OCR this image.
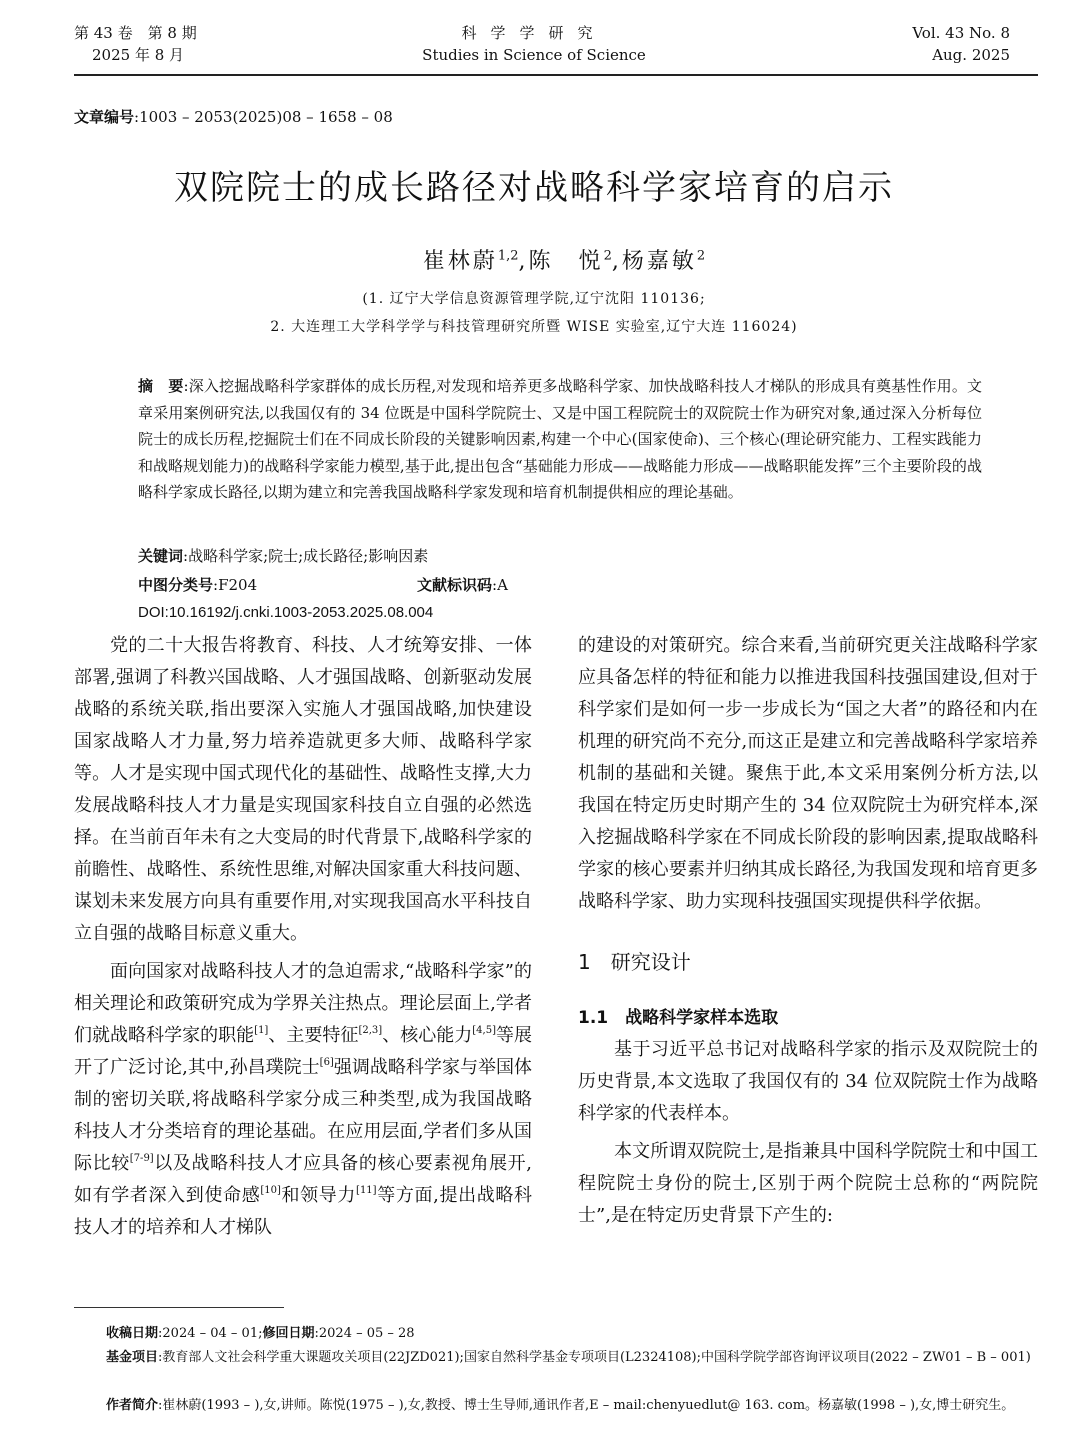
第 43 卷　第 8 期
2025 年 8 月
科学学研究
Studies in Science of Science
Vol. 43 No. 8
Aug. 2025
文章编号:1003 – 2053(2025)08 – 1658 – 08
双院院士的成长路径对战略科学家培育的启示
崔林蔚$^{1,2}$,陈　悦$^2$,杨嘉敏$^2$
(1. 辽宁大学信息资源管理学院,辽宁沈阳 110136;
2. 大连理工大学科学学与科技管理研究所暨 WISE 实验室,辽宁大连 116024)
摘　要:深入挖掘战略科学家群体的成长历程,对发现和培养更多战略科学家、加快战略科技人才梯队的形成具有奠基性作用。文章采用案例研究法,以我国仅有的 34 位既是中国科学院院士、又是中国工程院院士的双院院士作为研究对象,通过深入分析每位院士的成长历程,挖掘院士们在不同成长阶段的关键影响因素,构建一个中心(国家使命)、三个核心(理论研究能力、工程实践能力和战略规划能力)的战略科学家能力模型,基于此,提出包含“基础能力形成——战略能力形成——战略职能发挥”三个主要阶段的战略科学家成长路径,以期为建立和完善我国战略科学家发现和培育机制提供相应的理论基础。
关键词:战略科学家;院士;成长路径;影响因素
中图分类号:F204	文献标识码:A
DOI:10.16192/j.cnki.1003-2053.2025.08.004

党的二十大报告将教育、科技、人才统筹安排、一体部署,强调了科教兴国战略、人才强国战略、创新驱动发展战略的系统关联,指出要深入实施人才强国战略,加快建设国家战略人才力量,努力培养造就更多大师、战略科学家等。人才是实现中国式现代化的基础性、战略性支撑,大力发展战略科技人才力量是实现国家科技自立自强的必然选择。在当前百年未有之大变局的时代背景下,战略科学家的前瞻性、战略性、系统性思维,对解决国家重大科技问题、谋划未来发展方向具有重要作用,对实现我国高水平科技自立自强的战略目标意义重大。

面向国家对战略科技人才的急迫需求,“战略科学家”的相关理论和政策研究成为学界关注热点。理论层面上,学者们就战略科学家的职能[1]、主要特征[2,3]、核心能力[4,5]等展开了广泛讨论,其中,孙昌璞院士[6]强调战略科学家与举国体制的密切关联,将战略科学家分成三种类型,成为我国战略科技人才分类培育的理论基础。在应用层面,学者们多从国际比较[7-9]以及战略科技人才应具备的核心要素视角展开,如有学者深入到使命感[10]和领导力[11]等方面,提出战略科技人才的培养和人才梯队

的建设的对策研究。综合来看,当前研究更关注战略科学家应具备怎样的特征和能力以推进我国科技强国建设,但对于科学家们是如何一步一步成长为“国之大者”的路径和内在机理的研究尚不充分,而这正是建立和完善战略科学家培养机制的基础和关键。聚焦于此,本文采用案例分析方法,以我国在特定历史时期产生的 34 位双院院士为研究样本,深入挖掘战略科学家在不同成长阶段的影响因素,提取战略科学家的核心要素并归纳其成长路径,为我国发现和培育更多战略科学家、助力实现科技强国实现提供科学依据。

1　研究设计
1.1　战略科学家样本选取

基于习近平总书记对战略科学家的指示及双院院士的历史背景,本文选取了我国仅有的 34 位双院院士作为战略科学家的代表样本。

本文所谓双院院士,是指兼具中国科学院院士和中国工程院院士身份的院士,区别于两个院院士总称的“两院院士”,是在特定历史背景下产生的:

收稿日期:2024 – 04 – 01;修回日期:2024 – 05 – 28
基金项目:教育部人文社会科学重大课题攻关项目(22JZD021);国家自然科学基金专项项目(L2324108);中国科学院学部咨询评议项目(2022 – ZW01 – B – 001)
作者简介:崔林蔚(1993 – ),女,讲师。陈悦(1975 – ),女,教授、博士生导师,通讯作者,E – mail:chenyuedlut@ 163. com。杨嘉敏(1998 – ),女,博士研究生。
